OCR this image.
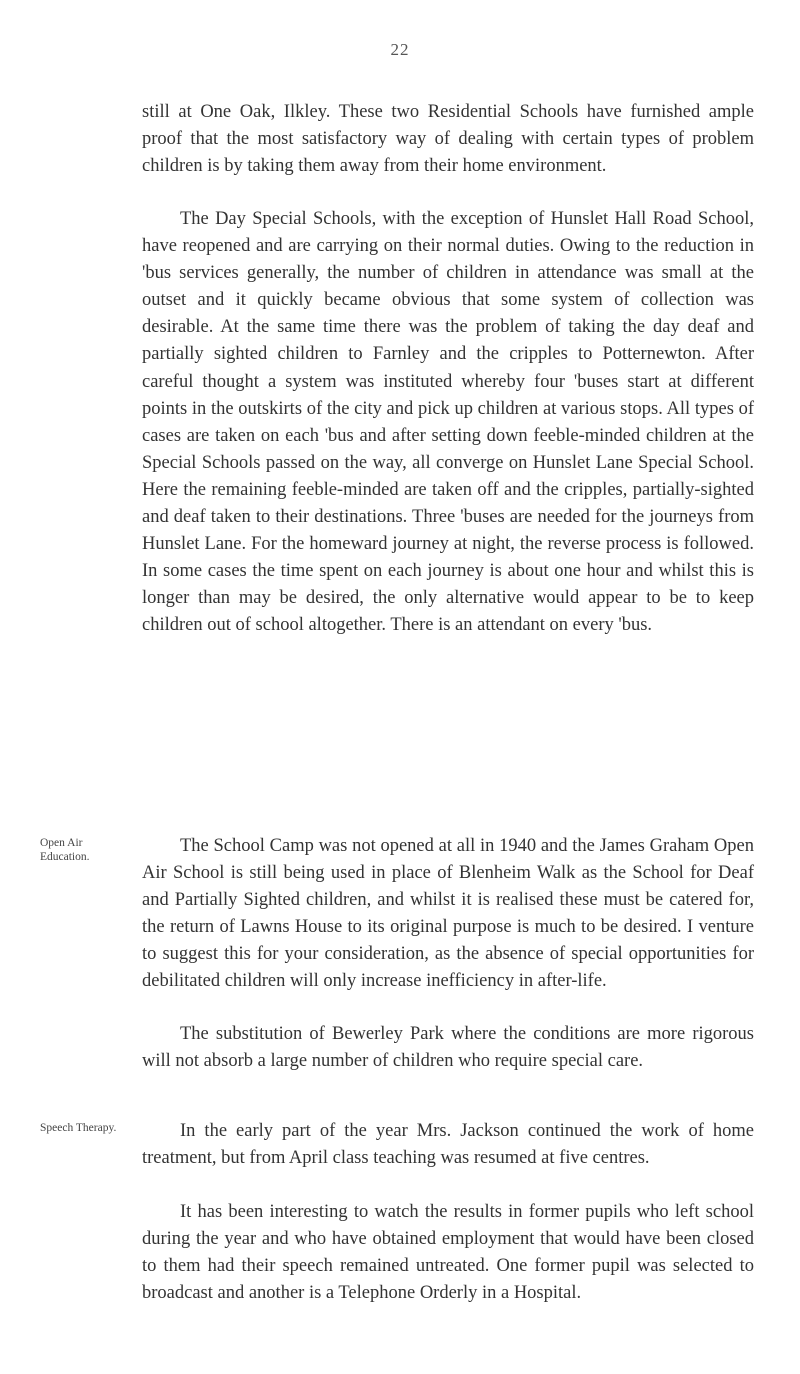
22

still at One Oak, Ilkley. These two Residential Schools have furnished ample proof that the most satisfactory way of dealing with certain types of problem children is by taking them away from their home environment.

The Day Special Schools, with the exception of Hunslet Hall Road School, have reopened and are carrying on their normal duties. Owing to the reduction in 'bus services generally, the number of children in attendance was small at the outset and it quickly became obvious that some system of collection was desirable. At the same time there was the problem of taking the day deaf and partially sighted children to Farnley and the cripples to Potternewton. After careful thought a system was instituted whereby four 'buses start at different points in the outskirts of the city and pick up children at various stops. All types of cases are taken on each 'bus and after setting down feeble-minded children at the Special Schools passed on the way, all converge on Hunslet Lane Special School. Here the remaining feeble-minded are taken off and the cripples, partially-sighted and deaf taken to their destinations. Three 'buses are needed for the journeys from Hunslet Lane. For the homeward journey at night, the reverse process is followed. In some cases the time spent on each journey is about one hour and whilst this is longer than may be desired, the only alternative would appear to be to keep children out of school altogether. There is an attendant on every 'bus.

Open Air
Education.

The School Camp was not opened at all in 1940 and the James Graham Open Air School is still being used in place of Blenheim Walk as the School for Deaf and Partially Sighted children, and whilst it is realised these must be catered for, the return of Lawns House to its original purpose is much to be desired. I venture to suggest this for your consideration, as the absence of special opportunities for debilitated children will only increase inefficiency in after-life.

The substitution of Bewerley Park where the conditions are more rigorous will not absorb a large number of children who require special care.

Speech Therapy.	In the early part of the year Mrs. Jackson continued the work of home treatment, but from April class teaching was resumed at five centres.

It has been interesting to watch the results in former pupils who left school during the year and who have obtained employment that would have been closed to them had their speech remained untreated. One former pupil was selected to broadcast and another is a Telephone Orderly in a Hospital.
